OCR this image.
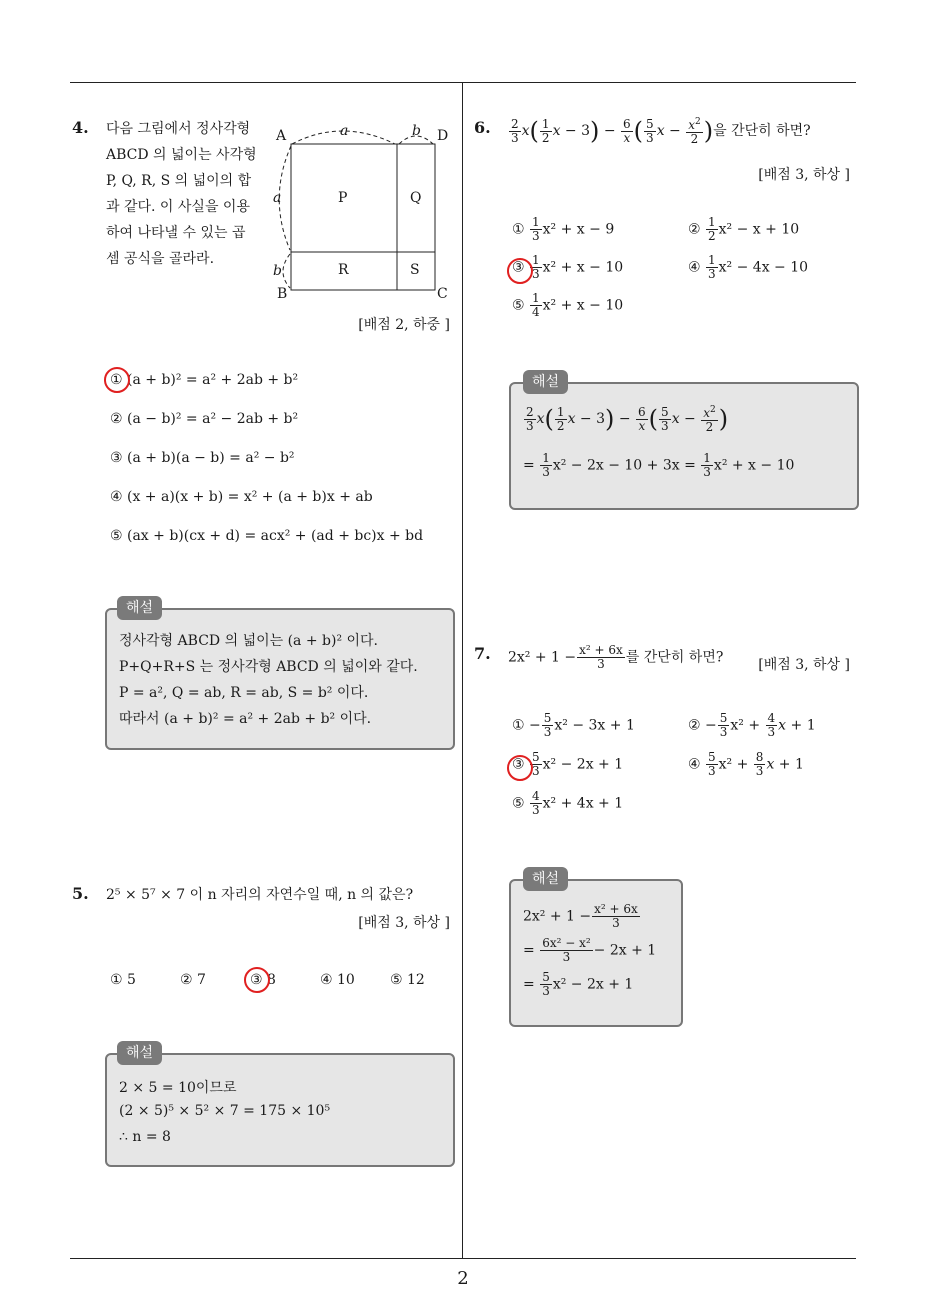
2
4. 다음 그림에서 정사각형 ABCD 의 넓이는 사각형 P, Q, R, S 의 넓이의 합과 같다. 이 사실을 이용하여 나타낼 수 있는 곱셈 공식을 골라라.
A	D
B	C
a	b
a
b
P	Q
R	S
[배점 2, 하중 ]
① (a + b)² = a² + 2ab + b²
② (a − b)² = a² − 2ab + b²
③ (a + b)(a − b) = a² − b²
④ (x + a)(x + b) = x² + (a + b)x + ab
⑤ (ax + b)(cx + d) = acx² + (ad + bc)x + bd
해설
정사각형 ABCD 의 넓이는 (a + b)² 이다.
P+Q+R+S 는 정사각형 ABCD 의 넓이와 같다.
P = a², Q = ab, R = ab, S = b² 이다.
따라서 (a + b)² = a² + 2ab + b² 이다.
5. 2⁵ × 5⁷ × 7 이 n 자리의 자연수일 때, n 의 값은?
[배점 3, 하상 ]
① 5	② 7	③ 8	④ 10	⑤ 12
해설
2 × 5 = 10이므로
(2 × 5)⁵ × 5² × 7 = 175 × 10⁵
∴ n = 8
6. $\frac{2}{3} x( \frac{1}{2}$ $x - 3) - \frac{6}{x}$ ( $\frac{5}{3}$ $x - \frac{x^2}{2}$ )을 간단히 하면?
[배점 3, 하상 ]
① $\frac{1}{3} x^2 + x - 9$	② $\frac{1}{2} x^2 - x + 10$
③ $\frac{1}{3} x^2 + x - 10$	④ $\frac{1}{3} x^2 - 4x - 10$
⑤ $\frac{1}{4} x^2 + x - 10$
해설
$\frac{2}{3} x( \frac{1}{2}$ $x - 3) - \frac{6}{x}$ ( $\frac{5}{3}$ $x - \frac{x^2}{2}$ )
= $\frac{1}{3} x^2 - 2x - 10 + 3x = \frac{1}{3} x^2 + x - 10$
7. $2x^2 + 1 - \frac{\text{x² + 6x}}{3}$ 를 간단히 하면?	[배점 3, 하상 ]
① − $\frac{5}{3} x^2 - 3x + 1$	② − $\frac{5}{3} x^2 + \frac{4}{3}$ x + 1
③ $\frac{5}{3} x^2 - 2x + 1$	④ $\frac{5}{3} x^2 + \frac{8}{3}$ x + 1
⑤ $\frac{4}{3} x^2 + 4x + 1$
해설
$2x^2 + 1 - \frac{\text{x² + 6x}}{3}$
= $\frac{\text{6x² − x²}}{3} - 2x + 1$
= $\frac{5}{3} x^2 - 2x + 1$
